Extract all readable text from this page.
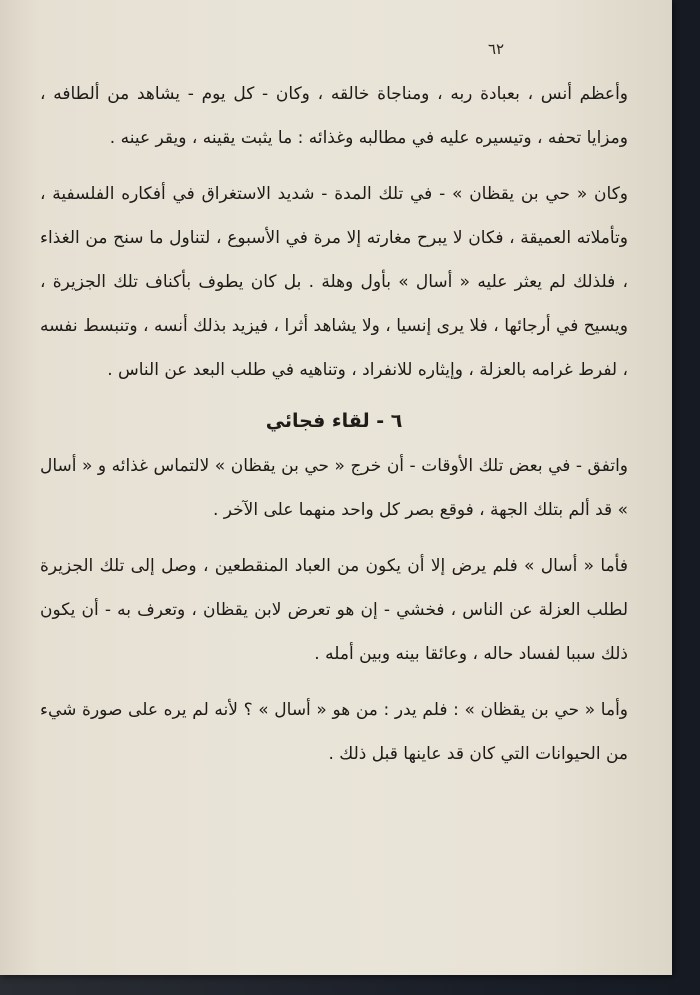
٦٢

وأعظم أنس ، بعبادة ربه ، ومناجاة خالقه ، وكان - كل يوم - يشاهد من ألطافه ، ومزايا تحفه ، وتيسيره عليه في مطالبه وغذائه : ما يثبت يقينه ، ويقر عينه .

وكان « حي بن يقظان » - في تلك المدة - شديد الاستغراق في أفكاره الفلسفية ، وتأملاته العميقة ، فكان لا يبرح مغارته إلا مرة في الأسبوع ، لتناول ما سنح من الغذاء ، فلذلك لم يعثر عليه « أسال » بأول وهلة . بل كان يطوف بأكناف تلك الجزيرة ، ويسيح في أرجائها ، فلا يرى إنسيا ، ولا يشاهد أثرا ، فيزيد بذلك أنسه ، وتنبسط نفسه ، لفرط غرامه بالعزلة ، وإيثاره للانفراد ، وتناهيه في طلب البعد عن الناس .

٦ - لقاء فجائي

واتفق - في بعض تلك الأوقات - أن خرج « حي بن يقظان » لالتماس غذائه و « أسال » قد ألم بتلك الجهة ، فوقع بصر كل واحد منهما على الآخر .

فأما « أسال » فلم يرض إلا أن يكون من العباد المنقطعين ، وصل إلى تلك الجزيرة لطلب العزلة عن الناس ، فخشي - إن هو تعرض لابن يقظان ، وتعرف به - أن يكون ذلك سببا لفساد حاله ، وعائقا بينه وبين أمله .

وأما « حي بن يقظان » : فلم يدر : من هو « أسال » ؟ لأنه لم يره على صورة شيء من الحيوانات التي كان قد عاينها قبل ذلك .
